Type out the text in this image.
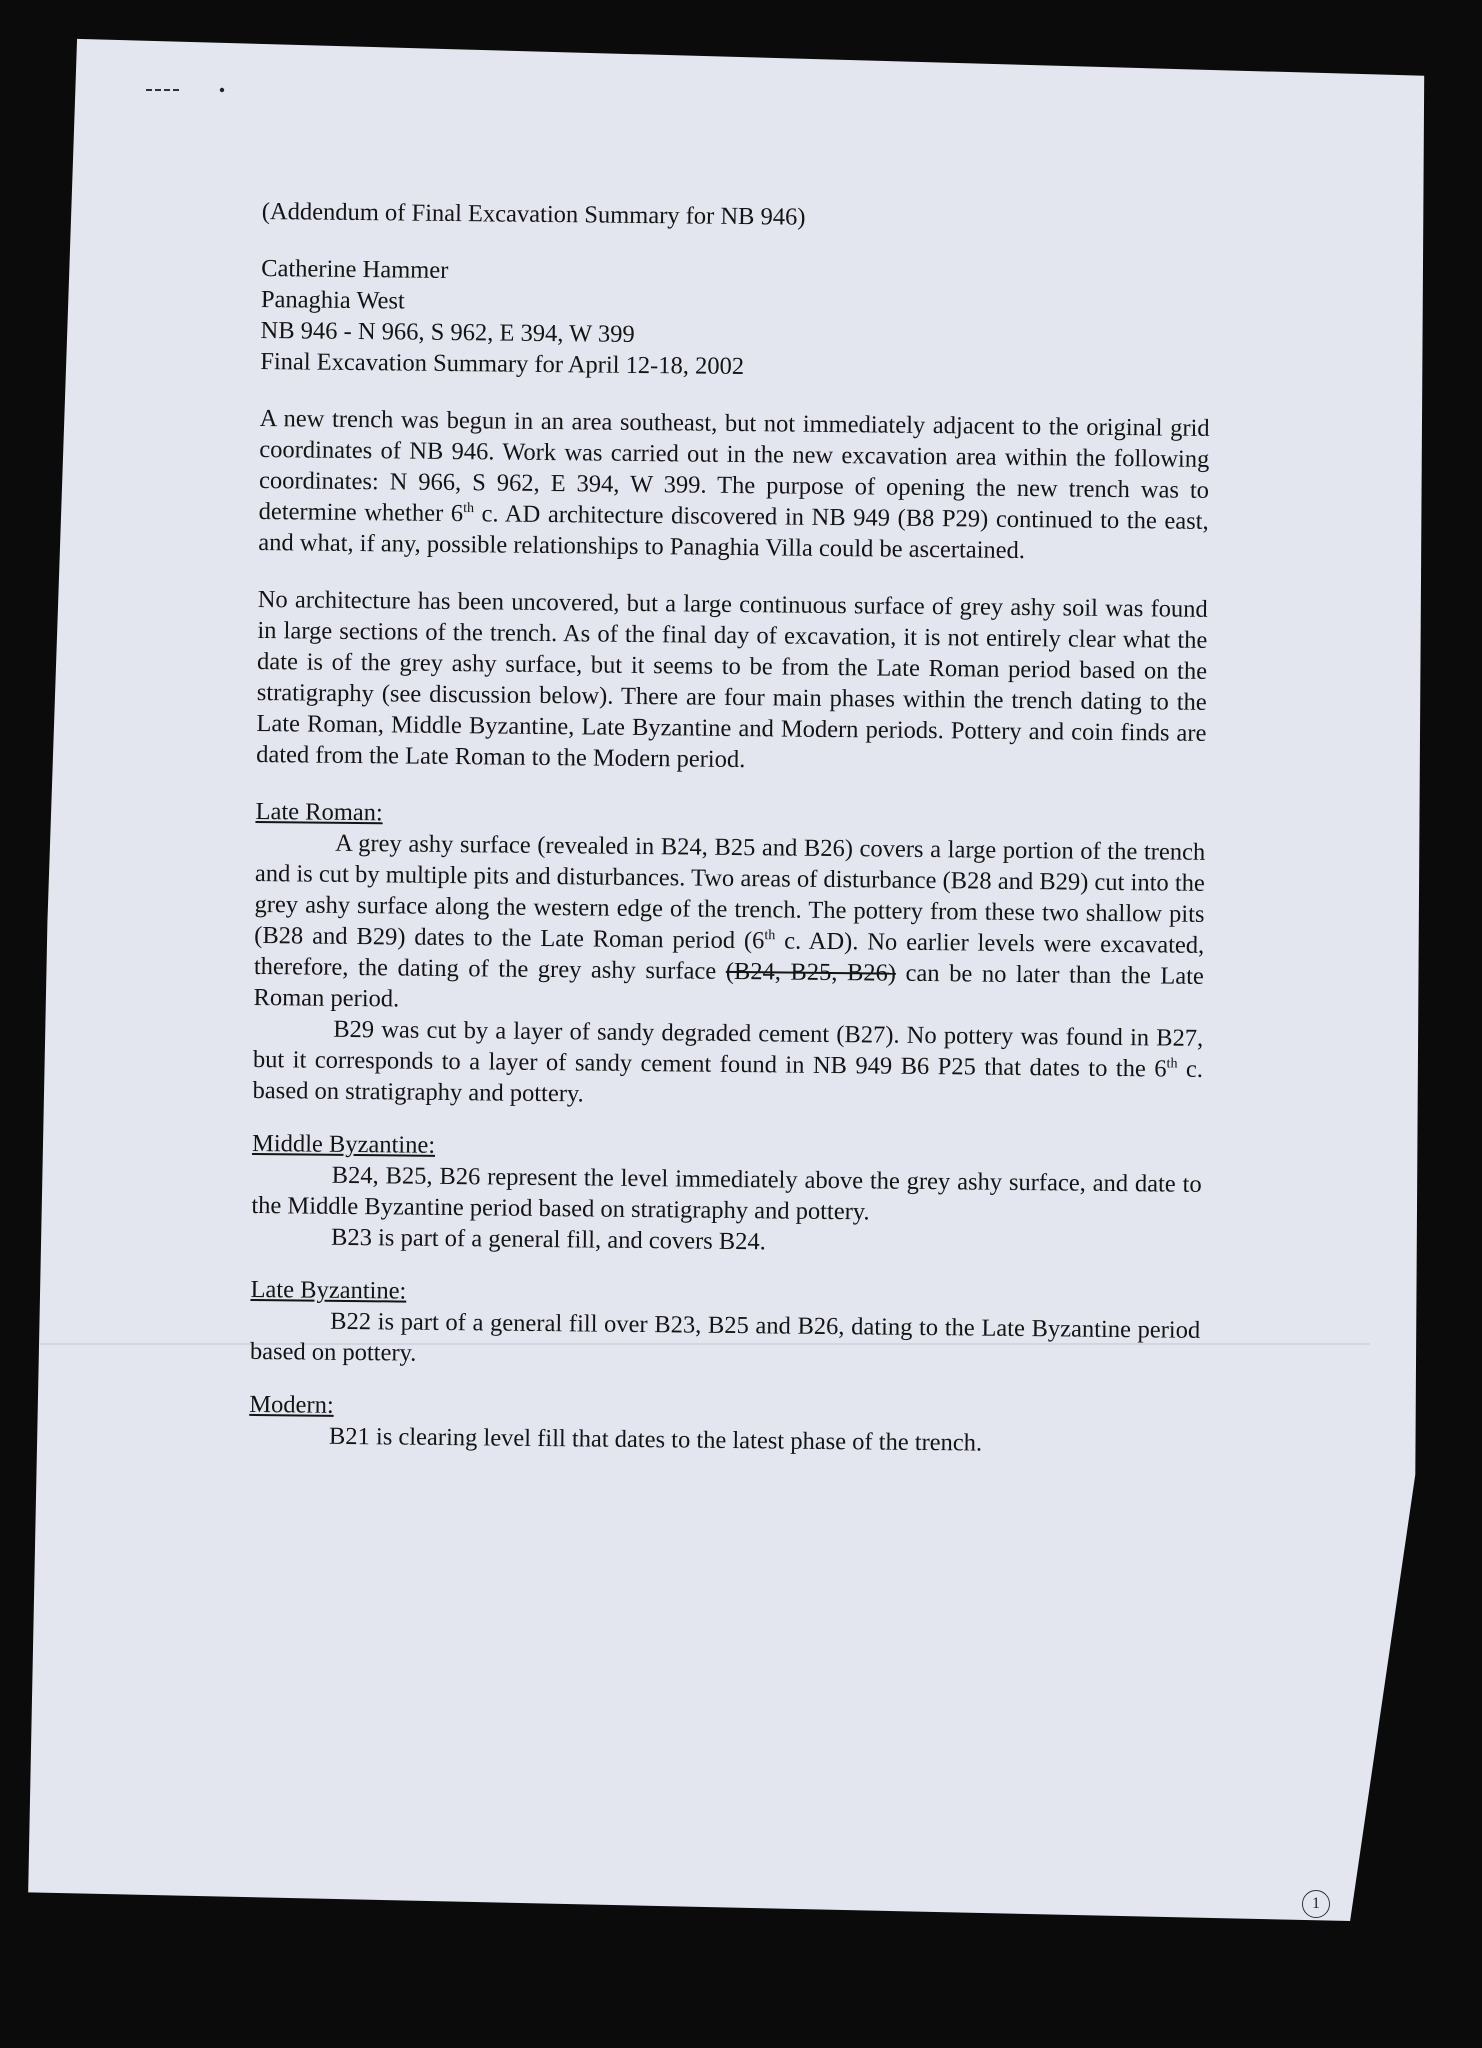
(Addendum of Final Excavation Summary for NB 946)

Catherine Hammer

Panaghia West

NB 946 - N 966, S 962, E 394, W 399

Final Excavation Summary for April 12-18, 2002

A new trench was begun in an area southeast, but not immediately adjacent to the original grid coordinates of NB 946. Work was carried out in the new excavation area within the following coordinates: N 966, S 962, E 394, W 399. The purpose of opening the new trench was to determine whether 6th c. AD architecture discovered in NB 949 (B8 P29) continued to the east, and what, if any, possible relationships to Panaghia Villa could be ascertained.

No architecture has been uncovered, but a large continuous surface of grey ashy soil was found in large sections of the trench. As of the final day of excavation, it is not entirely clear what the date is of the grey ashy surface, but it seems to be from the Late Roman period based on the stratigraphy (see discussion below). There are four main phases within the trench dating to the Late Roman, Middle Byzantine, Late Byzantine and Modern periods. Pottery and coin finds are dated from the Late Roman to the Modern period.

Late Roman:

A grey ashy surface (revealed in B24, B25 and B26) covers a large portion of the trench and is cut by multiple pits and disturbances. Two areas of disturbance (B28 and B29) cut into the grey ashy surface along the western edge of the trench. The pottery from these two shallow pits (B28 and B29) dates to the Late Roman period (6th c. AD). No earlier levels were excavated, therefore, the dating of the grey ashy surface (B24, B25, B26) can be no later than the Late Roman period.

B29 was cut by a layer of sandy degraded cement (B27). No pottery was found in B27, but it corresponds to a layer of sandy cement found in NB 949 B6 P25 that dates to the 6th c. based on stratigraphy and pottery.

Middle Byzantine:

B24, B25, B26 represent the level immediately above the grey ashy surface, and date to the Middle Byzantine period based on stratigraphy and pottery.

B23 is part of a general fill, and covers B24.

Late Byzantine:

B22 is part of a general fill over B23, B25 and B26, dating to the Late Byzantine period based on pottery.

Modern:

B21 is clearing level fill that dates to the latest phase of the trench.

1
